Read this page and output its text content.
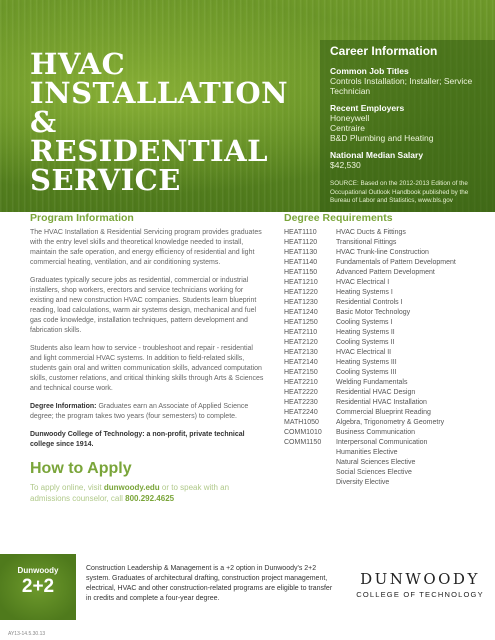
HVAC
INSTALLATION &
RESIDENTIAL
SERVICE
Career Information
Common Job Titles
Controls Installation; Installer; Service Technician
Recent Employers
Honeywell
Centraire
B&D Plumbing and Heating
National Median Salary
$42,530
SOURCE: Based on the 2012-2013 Edition of the Occupational Outlook Handbook published by the Bureau of Labor and Statistics, www.bls.gov
Program Information

The HVAC Installation & Residential Servicing program provides graduates with the entry level skills and theoretical knowledge needed to install, maintain the safe operation, and energy efficiency of residential and light commercial heating, ventilation, and air conditioning systems.

Graduates typically secure jobs as residential, commercial or industrial installers, shop workers, erectors and service technicians working for existing and new construction HVAC companies. Students learn blueprint reading, load calculations, warm air systems design, mechanical and fuel gas code knowledge, installation techniques, pattern development and fabrication skills.

Students also learn how to service - troubleshoot and repair - residential and light commercial HVAC systems. In addition to field-related skills, students gain oral and written communication skills, advanced computation skills, customer relations, and critical thinking skills through Arts & Sciences and technical course work.

Degree Information: Graduates earn an Associate of Applied Science degree; the program takes two years (four semesters) to complete.

Dunwoody College of Technology: a non-profit, private technical college since 1914.

How to Apply

To apply online, visit dunwoody.edu or to speak with an admissions counselor, call 800.292.4625

Degree Requirements
HEAT1110	HVAC Ducts & Fittings
HEAT1120	Transitional Fittings
HEAT1130	HVAC Trunk-line Construction
HEAT1140	Fundamentals of Pattern Development
HEAT1150	Advanced Pattern Development
HEAT1210	HVAC Electrical I
HEAT1220	Heating Systems I
HEAT1230	Residential Controls I
HEAT1240	Basic Motor Technology
HEAT1250	Cooling Systems I
HEAT2110	Heating Systems II
HEAT2120	Cooling Systems II
HEAT2130	HVAC Electrical II
HEAT2140	Heating Systems III
HEAT2150	Cooling Systems III
HEAT2210	Welding Fundamentals
HEAT2220	Residential HVAC Design
HEAT2230	Residential HVAC Installation
HEAT2240	Commercial Blueprint Reading
MATH1050	Algebra, Trigonometry & Geometry
COMM1010	Business Communication
COMM1150	Interpersonal Communication
Humanities Elective
Natural Sciences Elective
Social Sciences Elective
Diversity Elective
Dunwoody
2+2

Construction Leadership & Management is a +2 option in Dunwoody's 2+2 system. Graduates of architectural drafting, construction project management, electrical, HVAC and other construction-related programs are eligible to transfer in credits and complete a four-year degree.

DUNWOODY
COLLEGE OF TECHNOLOGY
AY13-14.5.30.13
